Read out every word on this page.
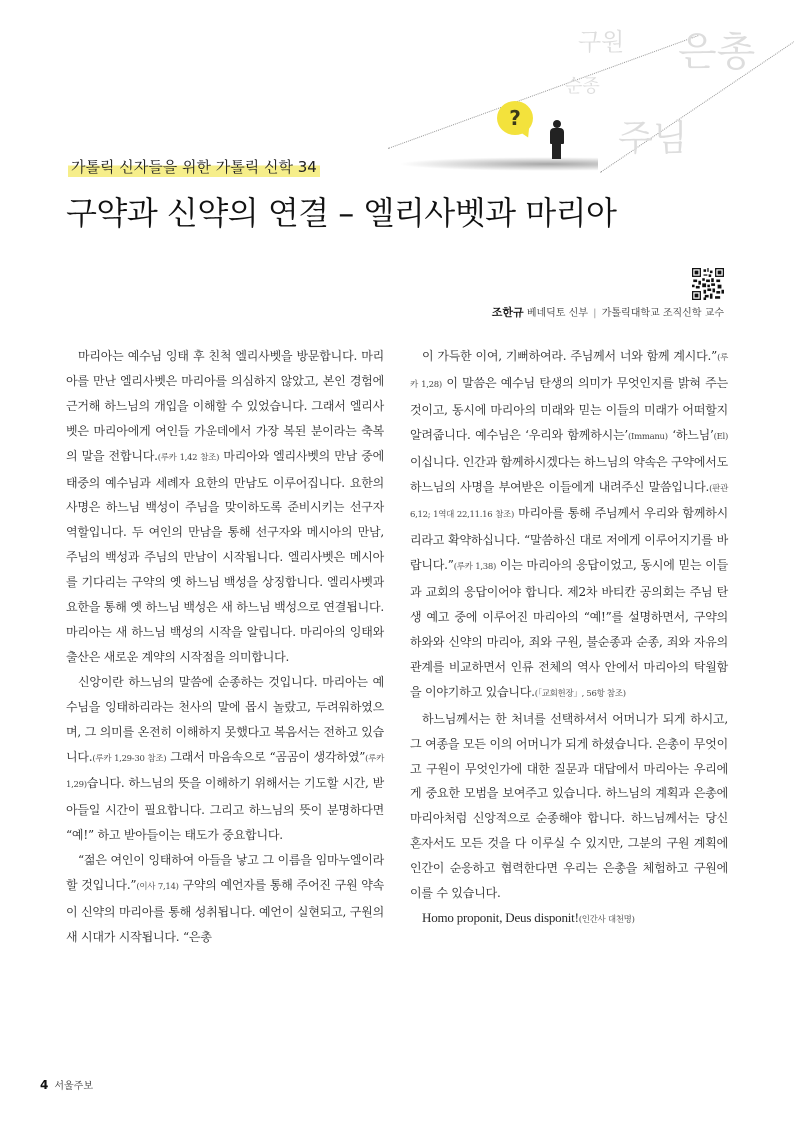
구원 은총
순종
주님
?
가톨릭 신자들을 위한 가톨릭 신학 34
구약과 신약의 연결 – 엘리사벳과 마리아
조한규 베네딕토 신부 | 가톨릭대학교 조직신학 교수

마리아는 예수님 잉태 후 친척 엘리사벳을 방문합니다. 마리아를 만난 엘리사벳은 마리아를 의심하지 않았고, 본인 경험에 근거해 하느님의 개입을 이해할 수 있었습니다. 그래서 엘리사벳은 마리아에게 여인들 가운데에서 가장 복된 분이라는 축복의 말을 전합니다.(루카 1,42 참조) 마리아와 엘리사벳의 만남 중에 태중의 예수님과 세례자 요한의 만남도 이루어집니다. 요한의 사명은 하느님 백성이 주님을 맞이하도록 준비시키는 선구자 역할입니다. 두 여인의 만남을 통해 선구자와 메시아의 만남, 주님의 백성과 주님의 만남이 시작됩니다. 엘리사벳은 메시아를 기다리는 구약의 옛 하느님 백성을 상징합니다. 엘리사벳과 요한을 통해 옛 하느님 백성은 새 하느님 백성으로 연결됩니다. 마리아는 새 하느님 백성의 시작을 알립니다. 마리아의 잉태와 출산은 새로운 계약의 시작점을 의미합니다.

신앙이란 하느님의 말씀에 순종하는 것입니다. 마리아는 예수님을 잉태하리라는 천사의 말에 몹시 놀랐고, 두려워하였으며, 그 의미를 온전히 이해하지 못했다고 복음서는 전하고 있습니다.(루카 1,29-30 참조) 그래서 마음속으로 “곰곰이 생각하였”(루카 1,29)습니다. 하느님의 뜻을 이해하기 위해서는 기도할 시간, 받아들일 시간이 필요합니다. 그리고 하느님의 뜻이 분명하다면 “예!” 하고 받아들이는 태도가 중요합니다.

“젊은 여인이 잉태하여 아들을 낳고 그 이름을 임마누엘이라 할 것입니다.”(이사 7,14) 구약의 예언자를 통해 주어진 구원 약속이 신약의 마리아를 통해 성취됩니다. 예언이 실현되고, 구원의 새 시대가 시작됩니다. “은총

이 가득한 이여, 기뻐하여라. 주님께서 너와 함께 계시다.”(루카 1,28) 이 말씀은 예수님 탄생의 의미가 무엇인지를 밝혀 주는 것이고, 동시에 마리아의 미래와 믿는 이들의 미래가 어떠할지 알려줍니다. 예수님은 ‘우리와 함께하시는’(Immanu) ‘하느님’(El)이십니다. 인간과 함께하시겠다는 하느님의 약속은 구약에서도 하느님의 사명을 부여받은 이들에게 내려주신 말씀입니다.(판관 6,12; 1역대 22,11.16 참조) 마리아를 통해 주님께서 우리와 함께하시리라고 확약하십니다. “말씀하신 대로 저에게 이루어지기를 바랍니다.”(루카 1,38) 이는 마리아의 응답이었고, 동시에 믿는 이들과 교회의 응답이어야 합니다. 제2차 바티칸 공의회는 주님 탄생 예고 중에 이루어진 마리아의 “예!”를 설명하면서, 구약의 하와와 신약의 마리아, 죄와 구원, 불순종과 순종, 죄와 자유의 관계를 비교하면서 인류 전체의 역사 안에서 마리아의 탁월함을 이야기하고 있습니다.(「교회헌장」, 56항 참조)

하느님께서는 한 처녀를 선택하셔서 어머니가 되게 하시고, 그 여종을 모든 이의 어머니가 되게 하셨습니다. 은총이 무엇이고 구원이 무엇인가에 대한 질문과 대답에서 마리아는 우리에게 중요한 모범을 보여주고 있습니다. 하느님의 계획과 은총에 마리아처럼 신앙적으로 순종해야 합니다. 하느님께서는 당신 혼자서도 모든 것을 다 이루실 수 있지만, 그분의 구원 계획에 인간이 순응하고 협력한다면 우리는 은총을 체험하고 구원에 이를 수 있습니다.

Homo proponit, Deus disponit!(인간사 대천명)

4 서울주보
